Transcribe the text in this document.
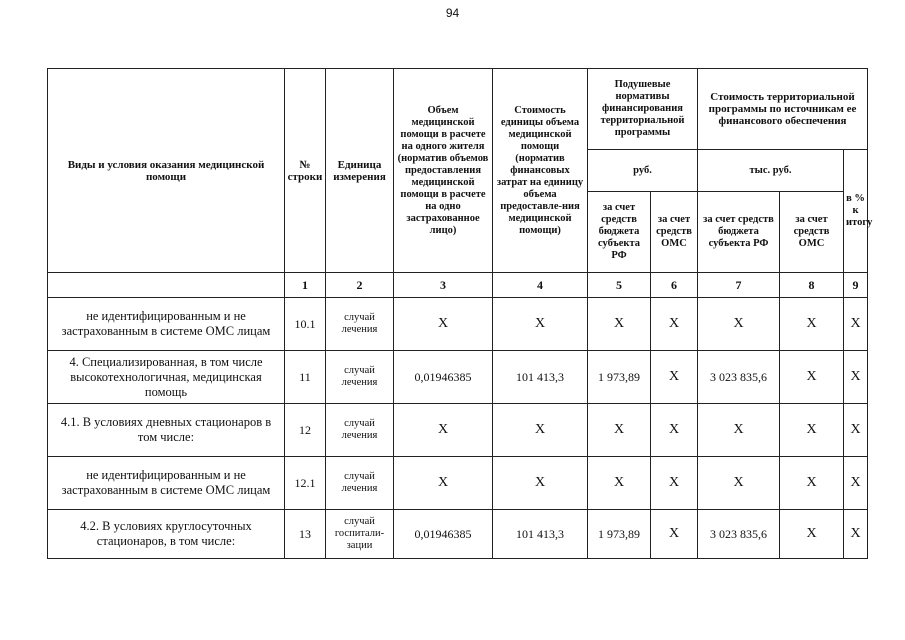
94
Виды и условия оказания медицинской помощи	№ строки	Единица измерения	Объем медицинской помощи в расчете на одного жителя (норматив объемов предоставления медицинской помощи в расчете на одно застрахованное лицо)	Стоимость единицы объема медицинской помощи (норматив финансовых затрат на единицу объема предоставле-ния медицинской помощи)	Подушевые нормативы финансирования территориальной программы		Стоимость территориальной программы по источникам ее финансового обеспечения		
					руб.		тыс. руб.		в % к итогу
					за счет средств бюджета субъекта РФ	за счет средств ОМС	за счет средств бюджета субъекта РФ	за счет средств ОМС	
	1	2	3	4	5	6	7	8	9
не идентифицированным и не застрахованным в системе ОМС лицам	10.1	случай лечения	Х	Х	Х	Х	Х	Х	Х
4. Специализированная, в том числе высокотехнологичная, медицинская помощь	11	случай лечения	0,01946385	101 413,3	1 973,89	Х	3 023 835,6	Х	Х
4.1. В условиях дневных стационаров в том числе:	12	случай лечения	Х	Х	Х	Х	Х	Х	Х
не идентифицированным и не застрахованным в системе ОМС лицам	12.1	случай лечения	Х	Х	Х	Х	Х	Х	Х
4.2. В условиях круглосуточных стационаров, в том числе:	13	случай госпитали-зации	0,01946385	101 413,3	1 973,89	Х	3 023 835,6	Х	Х
